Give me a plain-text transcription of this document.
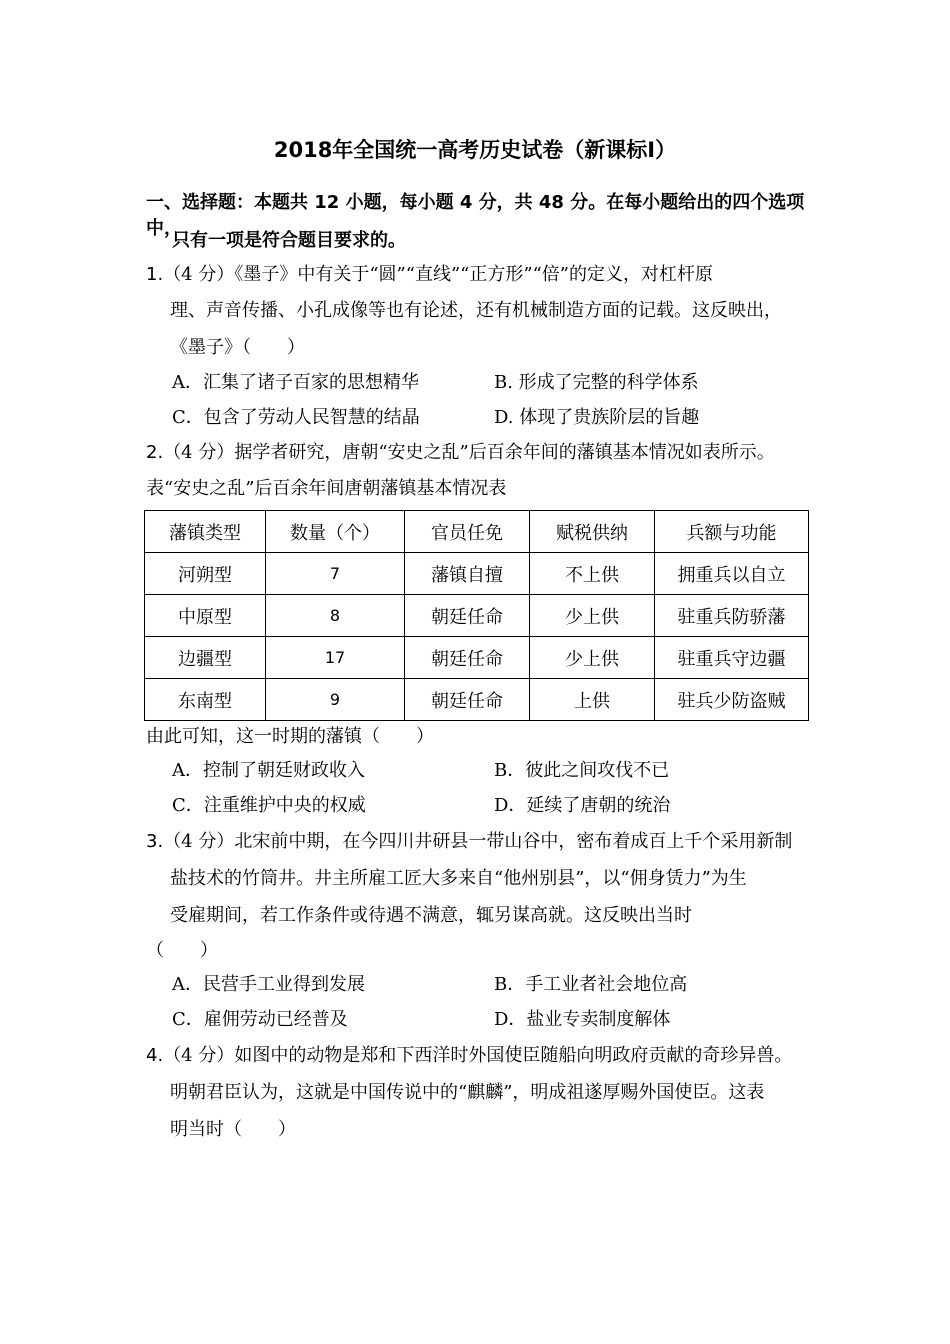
2018年全国统一高考历史试卷（新课标Ⅰ）
一、选择题：本题共 12 小题，每小题 4 分，共 48 分。在每小题给出的四个选项中，
只有一项是符合题目要求的。
1.（4 分）《墨子》中有关于“圆”“直线”“正方形”“倍”的定义，对杠杆原
理、声音传播、小孔成像等也有论述，还有机械制造方面的记载。这反映出，
《墨子》（　　）
A．汇集了诸子百家的思想精华	B. 形成了完整的科学体系
C．包含了劳动人民智慧的结晶	D. 体现了贵族阶层的旨趣
2.（4 分）据学者研究，唐朝“安史之乱”后百余年间的藩镇基本情况如表所示。
表“安史之乱”后百余年间唐朝藩镇基本情况表
藩镇类型	数量（个）	官员任免	赋税供纳	兵额与功能
河朔型	7	藩镇自擅	不上供	拥重兵以自立
中原型	8	朝廷任命	少上供	驻重兵防骄藩
边疆型	17	朝廷任命	少上供	驻重兵守边疆
东南型	9	朝廷任命	上供	驻兵少防盗贼
由此可知，这一时期的藩镇（　　）
A．控制了朝廷财政收入	B．彼此之间攻伐不已
C．注重维护中央的权威	D．延续了唐朝的统治
3.（4 分）北宋前中期，在今四川井研县一带山谷中，密布着成百上千个采用新制
盐技术的竹筒井。井主所雇工匠大多来自“他州别县”，以“佣身赁力”为生
受雇期间，若工作条件或待遇不满意，辄另谋高就。这反映出当时
（　　）
A．民营手工业得到发展	B．手工业者社会地位高
C．雇佣劳动已经普及	D．盐业专卖制度解体
4.（4 分）如图中的动物是郑和下西洋时外国使臣随船向明政府贡献的奇珍异兽。
明朝君臣认为，这就是中国传说中的“麒麟”，明成祖遂厚赐外国使臣。这表
明当时（　　）
